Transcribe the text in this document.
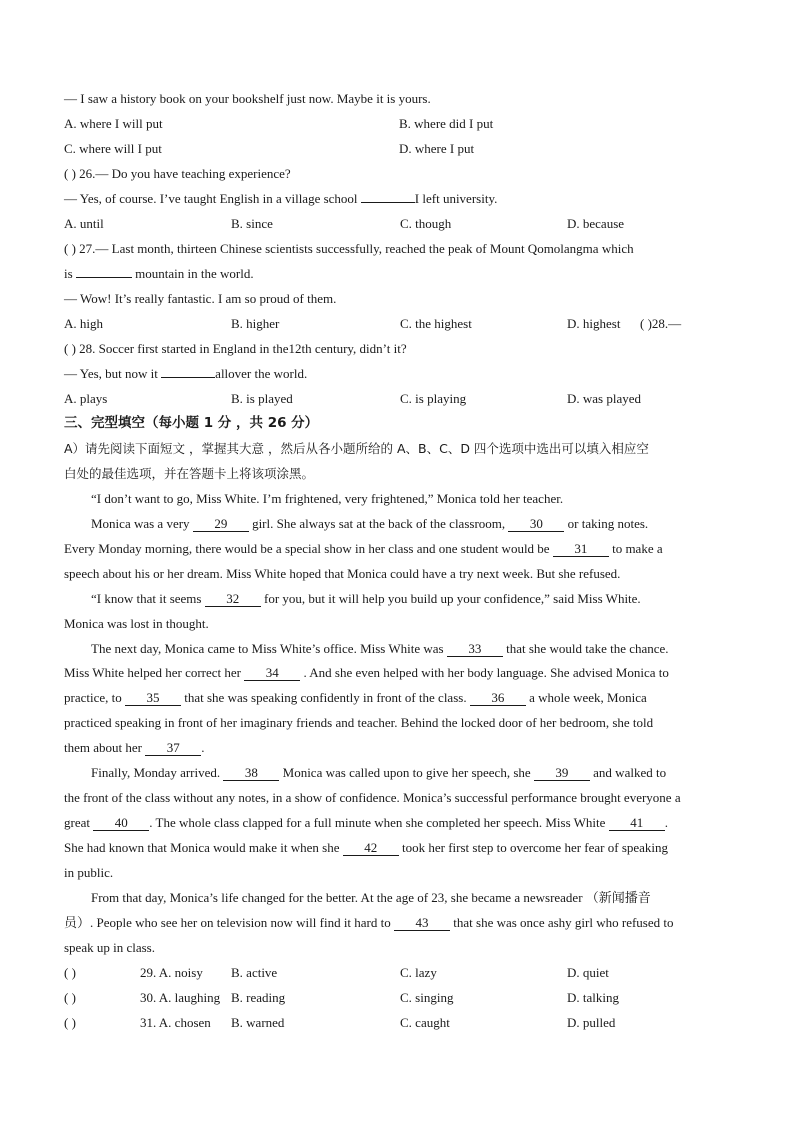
— I saw a history book on your bookshelf just now. Maybe it is yours.
A. where I will put	B. where did I put
C. where will I put	D. where I put
( ) 26.— Do you have teaching experience?
— Yes, of course. I’ve taught English in a village school	I left university.
A. until	B. since	C. though	D. because
( ) 27.— Last month, thirteen Chinese scientists successfully, reached the peak of Mount Qomolangma which
is	mountain in the world.
— Wow! It’s really fantastic. I am so proud of them.
A. high	B. higher	C. the highest	D. highest ( )28.—
( ) 28. Soccer first started in England in the12th century, didn’t it?
— Yes, but now it	allover the world.
A. plays	B. is played	C. is playing	D. was played
三、完型填空（每小题 1 分 ，共 26 分）
A）请先阅读下面短文 ，掌握其大意 ，然后从各小题所给的 A、B、C、D 四个选项中选出可以填入相应空
白处的最佳选项，并在答题卡上将该项涂黑。
“I don’t want to go, Miss White. I’m frightened, very frightened,” Monica told her teacher.
Monica was a very 29 girl. She always sat at the back of the classroom, 30 or taking notes.
Every Monday morning, there would be a special show in her class and one student would be 31 to make a
speech about his or her dream. Miss White hoped that Monica could have a try next week. But she refused.
“I know that it seems 32 for you, but it will help you build up your confidence,” said Miss White.
Monica was lost in thought.
The next day, Monica came to Miss White’s office. Miss White was 33 that she would take the chance.
Miss White helped her correct her 34 . And she even helped with her body language. She advised Monica to
practice, to 35 that she was speaking confidently in front of the class. 36 a whole week, Monica
practiced speaking in front of her imaginary friends and teacher. Behind the locked door of her bedroom, she told
them about her 37 .
Finally, Monday arrived. 38 Monica was called upon to give her speech, she 39 and walked to
the front of the class without any notes, in a show of confidence. Monica’s successful performance brought everyone a
great 40 . The whole class clapped for a full minute when she completed her speech. Miss White 41 .
She had known that Monica would make it when she 42 took her first step to overcome her fear of speaking
in public.
From that day, Monica’s life changed for the better. At the age of 23, she became a newsreader （新闻播音
员）. People who see her on television now will find it hard to 43 that she was once ashy girl who refused to
speak up in class.
( )	29. A. noisy B. active	C. lazy	D. quiet
( )	30. A. laughing B. reading	C. singing	D. talking
( )	31. A. chosen B. warned	C. caught	D. pulled
